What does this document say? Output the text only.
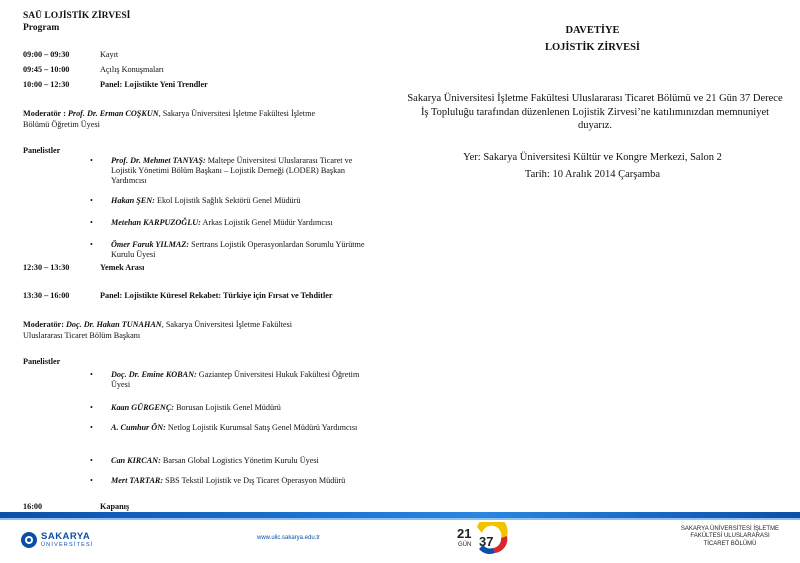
SAÜ LOJİSTİK ZİRVESİ
Program
09:00 – 09:30	Kayıt
09:45 – 10:00	Açılış Konuşmaları
10:00 – 12:30	Panel: Lojistikte Yeni Trendler
Moderatör : Prof. Dr. Erman COŞKUN, Sakarya Üniversitesi İşletme Fakültesi İşletme
Bölümü Öğretim Üyesi
Panelistler
• Prof. Dr. Mehmet TANYAŞ: Maltepe Üniversitesi Uluslararası Ticaret ve Lojistik Yönetimi Bölüm Başkanı – Lojistik Derneği (LODER) Başkan Yardımcısı
• Hakan ŞEN: Ekol Lojistik Sağlık Sektörü Genel Müdürü
• Metehan KARPUZOĞLU: Arkas Lojistik Genel Müdür Yardımcısı
• Ömer Faruk YILMAZ: Sertrans Lojistik Operasyonlardan Sorumlu Yürütme Kurulu Üyesi
12:30 – 13:30	Yemek Arası
13:30 – 16:00	Panel: Lojistikte Küresel Rekabet: Türkiye için Fırsat ve Tehditler
Moderatör: Doç. Dr. Hakan TUNAHAN, Sakarya Üniversitesi İşletme Fakültesi
Uluslararası Ticaret Bölüm Başkanı
Panelistler
• Doç. Dr. Emine KOBAN: Gaziantep Üniversitesi Hukuk Fakültesi Öğretim Üyesi
• Kaan GÜRGENÇ: Borusan Lojistik Genel Müdürü
• A. Cumhur ÖN: Netlog Lojistik Kurumsal Satış Genel Müdürü Yardımcısı
• Can KIRCAN: Barsan Global Logistics Yönetim Kurulu Üyesi
• Mert TARTAR: SBS Tekstil Lojistik ve Dış Ticaret Operasyon Müdürü
16:00	Kapanış
DAVETİYE
LOJİSTİK ZİRVESİ
Sakarya Üniversitesi İşletme Fakültesi Uluslararası Ticaret Bölümü ve 21 Gün 37 Derece İş Topluluğu tarafından düzenlenen Lojistik Zirvesi’ne katılımınızdan memnuniyet duyarız.
Yer: Sakarya Üniversitesi Kültür ve Kongre Merkezi, Salon 2
Tarih: 10 Aralık 2014 Çarşamba
SAKARYA
ÜNİVERSİTESİ
www.ulic.sakarya.edu.tr	21
37
GÜN
SAKARYA ÜNİVERSİTESİ İŞLETME FAKÜLTESİ ULUSLARARASI TİCARET BÖLÜMÜ
